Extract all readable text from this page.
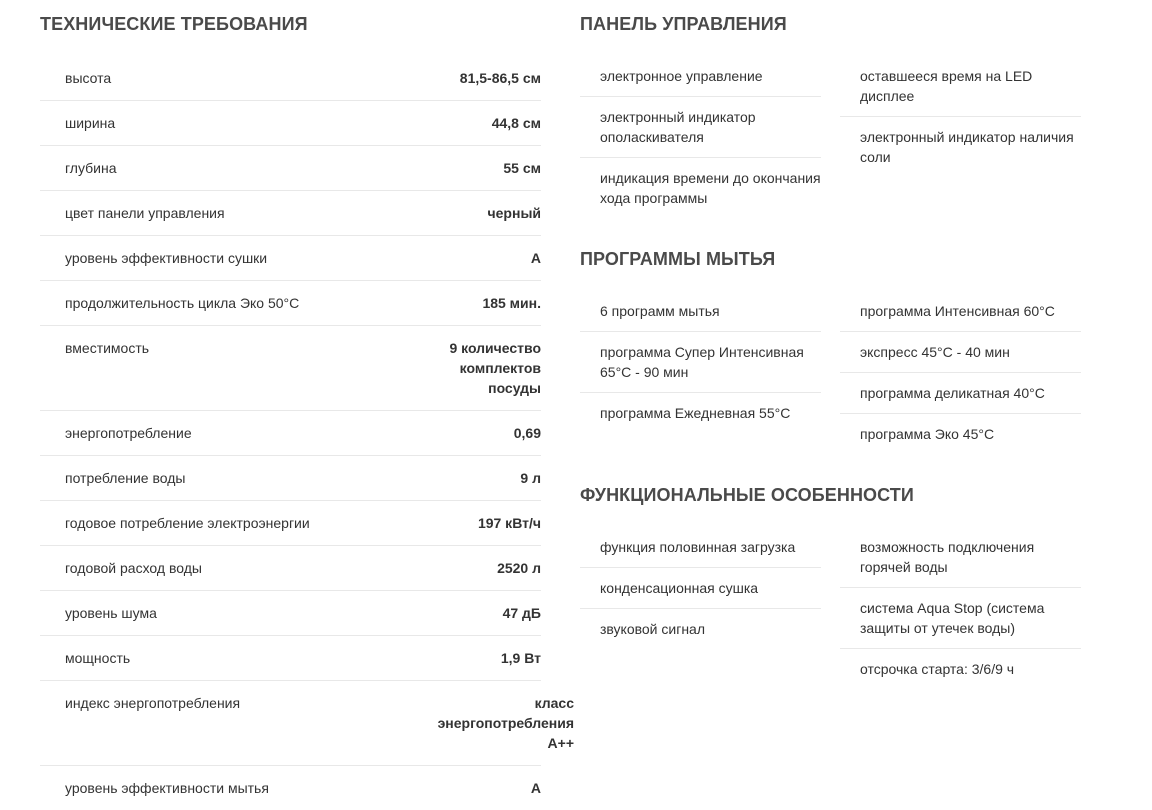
ТЕХНИЧЕСКИЕ ТРЕБОВАНИЯ
высота	81,5-86,5 см
ширина	44,8 см
глубина	55 см
цвет панели управления	черный
уровень эффективности сушки	A
продолжительность цикла Эко 50°C	185 мин.
вместимость	9 количество комплектов посуды
энергопотребление	0,69
потребление воды	9 л
годовое потребление электроэнергии	197 кВт/ч
годовой расход воды	2520 л
уровень шума	47 дБ
мощность	1,9 Вт
индекс энергопотребления	класс энергопотребления A++
уровень эффективности мытья	A
ПАНЕЛЬ УПРАВЛЕНИЯ
электронное управление
электронный индикатор ополаскивателя
индикация времени до окончания хода программы
оставшееся время на LED дисплее
электронный индикатор наличия соли
ПРОГРАММЫ МЫТЬЯ
6 программ мытья
программа Супер Интенсивная 65°C - 90 мин
программа Ежедневная 55°C
программа Интенсивная 60°C
экспресс 45°C - 40 мин
программа деликатная 40°C
программа Эко 45°C
ФУНКЦИОНАЛЬНЫЕ ОСОБЕННОСТИ
функция половинная загрузка
конденсационная сушка
звуковой сигнал
возможность подключения горячей воды
система Aqua Stop (система защиты от утечек воды)
отсрочка старта: 3/6/9 ч
